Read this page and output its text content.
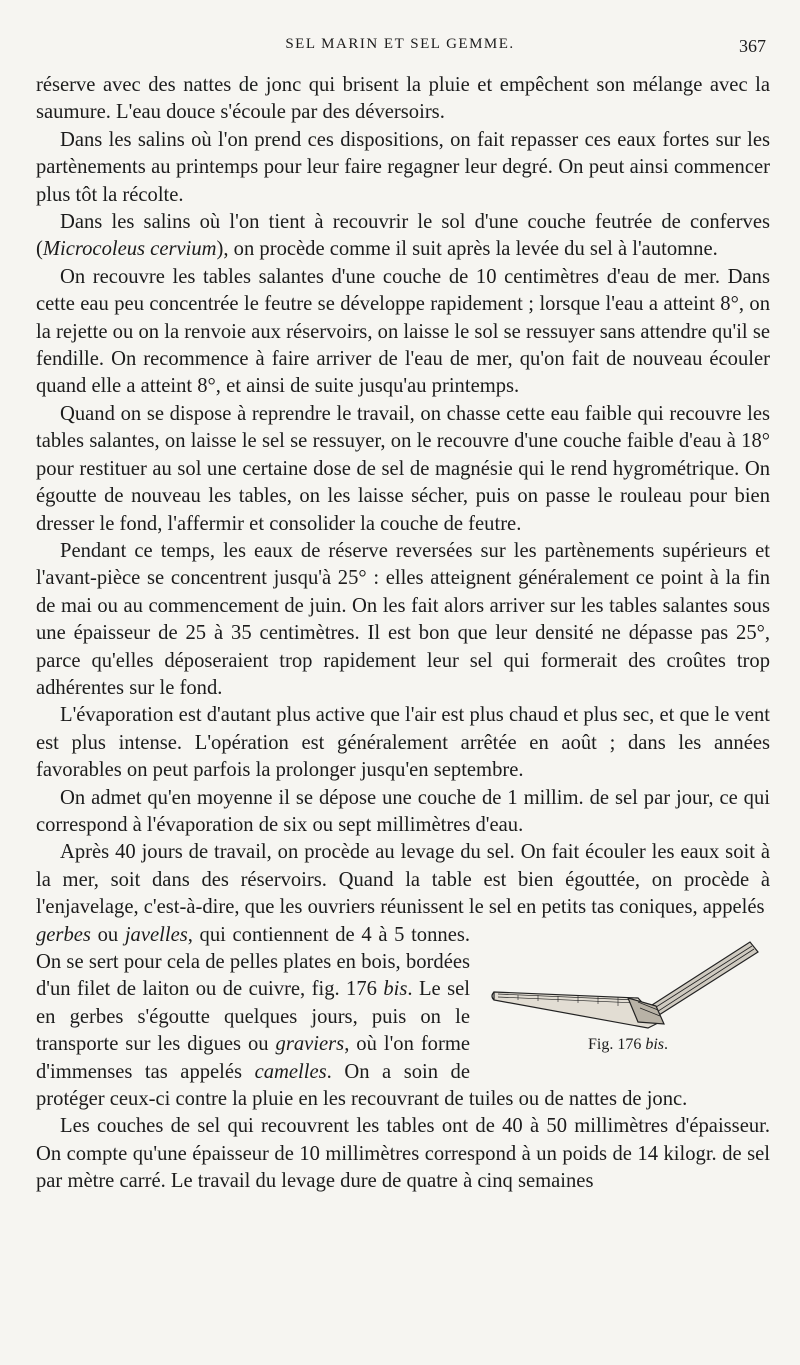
SEL MARIN ET SEL GEMME.	367

réserve avec des nattes de jonc qui brisent la pluie et empêchent son mélange avec la saumure. L'eau douce s'écoule par des déversoirs.

Dans les salins où l'on prend ces dispositions, on fait repasser ces eaux fortes sur les partènements au printemps pour leur faire regagner leur degré. On peut ainsi commencer plus tôt la récolte.

Dans les salins où l'on tient à recouvrir le sol d'une couche feutrée de conferves (Microcoleus cervium), on procède comme il suit après la levée du sel à l'automne.

On recouvre les tables salantes d'une couche de 10 centimètres d'eau de mer. Dans cette eau peu concentrée le feutre se développe rapidement ; lorsque l'eau a atteint 8°, on la rejette ou on la renvoie aux réservoirs, on laisse le sol se ressuyer sans attendre qu'il se fendille. On recommence à faire arriver de l'eau de mer, qu'on fait de nouveau écouler quand elle a atteint 8°, et ainsi de suite jusqu'au printemps.

Quand on se dispose à reprendre le travail, on chasse cette eau faible qui recouvre les tables salantes, on laisse le sel se ressuyer, on le recouvre d'une couche faible d'eau à 18° pour restituer au sol une certaine dose de sel de magnésie qui le rend hygrométrique. On égoutte de nouveau les tables, on les laisse sécher, puis on passe le rouleau pour bien dresser le fond, l'affermir et consolider la couche de feutre.

Pendant ce temps, les eaux de réserve reversées sur les partènements supérieurs et l'avant-pièce se concentrent jusqu'à 25° : elles atteignent généralement ce point à la fin de mai ou au commencement de juin. On les fait alors arriver sur les tables salantes sous une épaisseur de 25 à 35 centimètres. Il est bon que leur densité ne dépasse pas 25°, parce qu'elles déposeraient trop rapidement leur sel qui formerait des croûtes trop adhérentes sur le fond.

L'évaporation est d'autant plus active que l'air est plus chaud et plus sec, et que le vent est plus intense. L'opération est généralement arrêtée en août ; dans les années favorables on peut parfois la prolonger jusqu'en septembre.

On admet qu'en moyenne il se dépose une couche de 1 millim. de sel par jour, ce qui correspond à l'évaporation de six ou sept millimètres d'eau.

Après 40 jours de travail, on procède au levage du sel. On fait écouler les eaux soit à la mer, soit dans des réservoirs. Quand la table est bien égouttée, on procède à l'enjavelage, c'est-à-dire, que les ouvriers réunissent le sel en petits tas coniques, appelés
Fig. 176 bis.

gerbes ou javelles, qui contiennent de 4 à 5 tonnes. On se sert pour cela de pelles plates en bois, bordées d'un filet de laiton ou de cuivre, fig. 176 bis. Le sel en gerbes s'égoutte quelques jours, puis on le transporte sur les digues ou graviers, où l'on forme d'immenses tas appelés camelles. On a soin de protéger ceux-ci contre la pluie en les recouvrant de tuiles ou de nattes de jonc.

Les couches de sel qui recouvrent les tables ont de 40 à 50 millimètres d'épaisseur. On compte qu'une épaisseur de 10 millimètres correspond à un poids de 14 kilogr. de sel par mètre carré. Le travail du levage dure de quatre à cinq semaines
